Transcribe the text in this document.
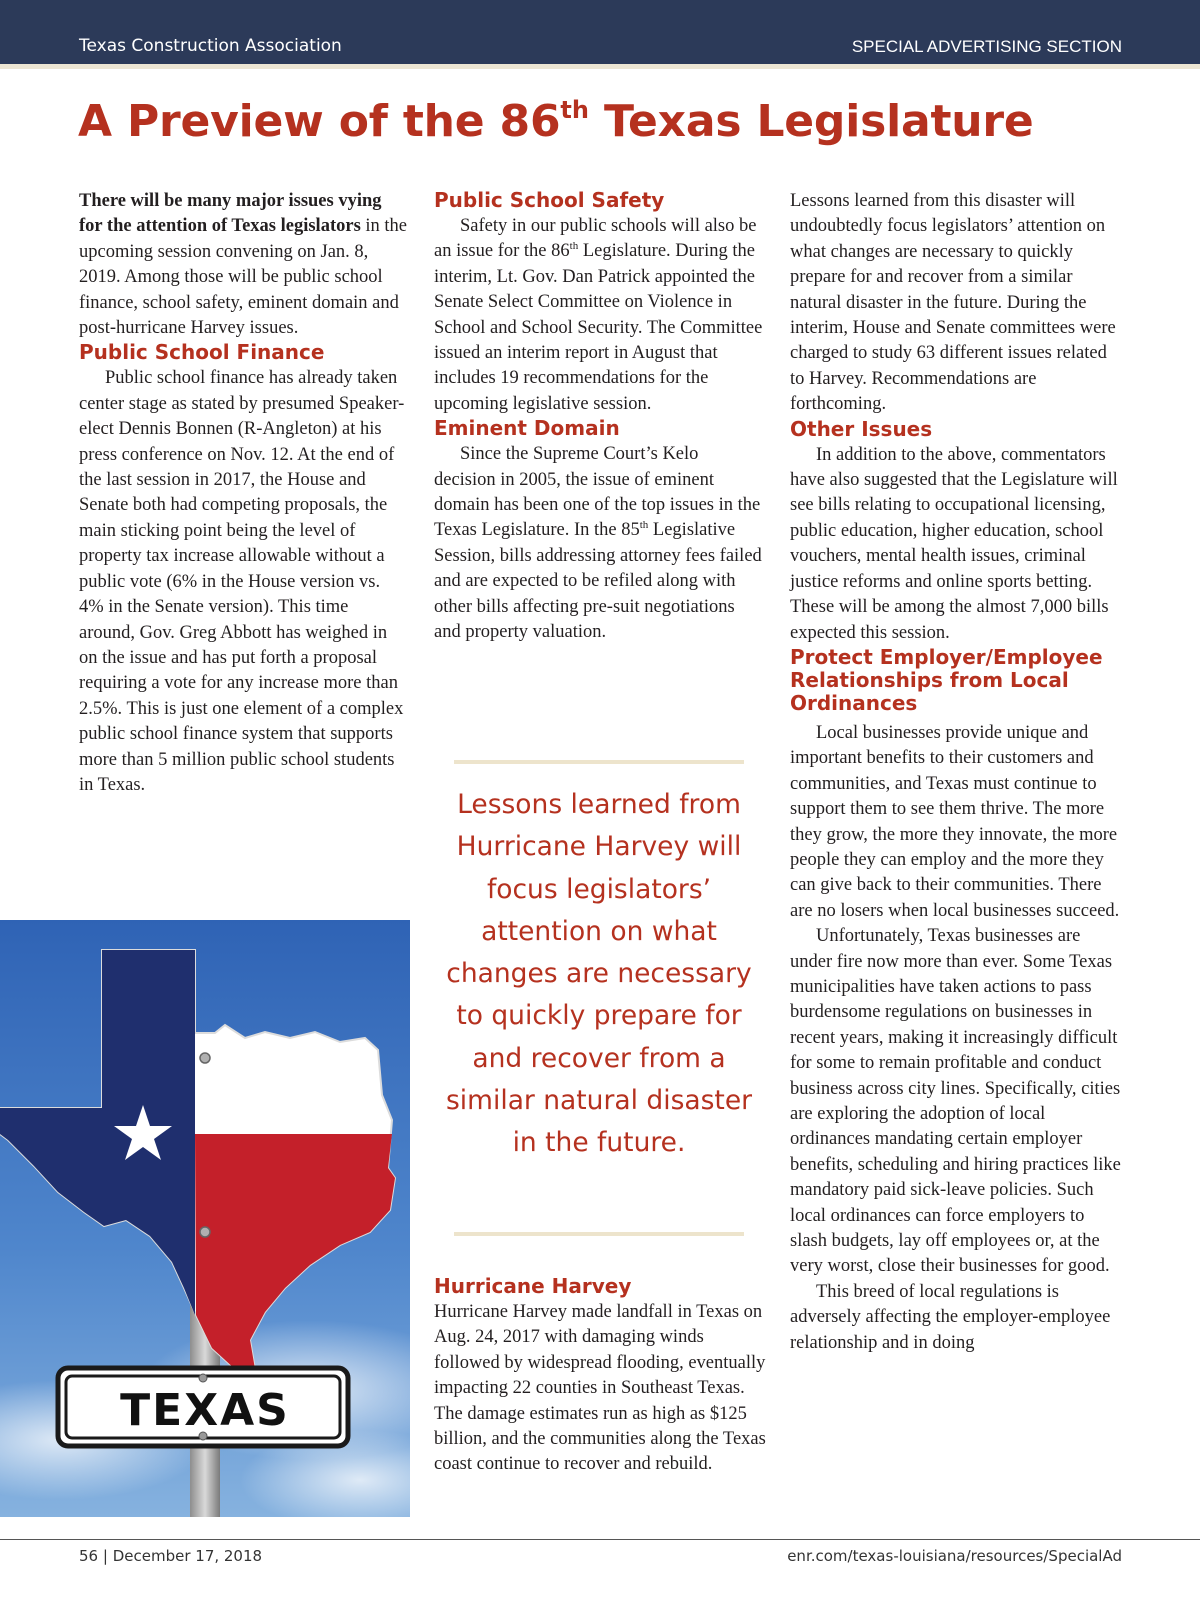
Texas Construction Association	SPECIAL ADVERTISING SECTION
A Preview of the 86th Texas Legislature

There will be many major issues vying for the attention of Texas legislators in the upcoming session convening on Jan. 8, 2019. Among those will be public school finance, school safety, eminent domain and post-hurricane Harvey issues.

Public School Finance

Public school finance has already taken center stage as stated by presumed Speaker-elect Dennis Bonnen (R-Angleton) at his press conference on Nov. 12. At the end of the last session in 2017, the House and Senate both had competing proposals, the main sticking point being the level of property tax increase allowable without a public vote (6% in the House version vs. 4% in the Senate version). This time around, Gov. Greg Abbott has weighed in on the issue and has put forth a proposal requiring a vote for any increase more than 2.5%. This is just one element of a complex public school finance system that supports more than 5 million public school students in Texas.

Public School Safety

Safety in our public schools will also be an issue for the 86th Legislature. During the interim, Lt. Gov. Dan Patrick appointed the Senate Select Committee on Violence in School and School Security. The Committee issued an interim report in August that includes 19 recommendations for the upcoming legislative session.

Eminent Domain

Since the Supreme Court’s Kelo decision in 2005, the issue of eminent domain has been one of the top issues in the Texas Legislature. In the 85th Legislative Session, bills addressing attorney fees failed and are expected to be refiled along with other bills affecting pre-suit negotiations and property valuation.

Lessons learned from Hurricane Harvey will focus legislators’ attention on what changes are necessary to quickly prepare for and recover from a similar natural disaster in the future.
Hurricane Harvey

Hurricane Harvey made landfall in Texas on Aug. 24, 2017 with damaging winds followed by widespread flooding, eventually impacting 22 counties in Southeast Texas. The damage estimates run as high as $125 billion, and the communities along the Texas coast continue to recover and rebuild.

Lessons learned from this disaster will undoubtedly focus legislators’ attention on what changes are necessary to quickly prepare for and recover from a similar natural disaster in the future. During the interim, House and Senate committees were charged to study 63 different issues related to Harvey. Recommendations are forthcoming.

Other Issues

In addition to the above, commentators have also suggested that the Legislature will see bills relating to occupational licensing, public education, higher education, school vouchers, mental health issues, criminal justice reforms and online sports betting. These will be among the almost 7,000 bills expected this session.

Protect Employer/Employee Relationships from Local Ordinances

Local businesses provide unique and important benefits to their customers and communities, and Texas must continue to support them to see them thrive. The more they grow, the more they innovate, the more people they can employ and the more they can give back to their communities. There are no losers when local businesses succeed.

Unfortunately, Texas businesses are under fire now more than ever. Some Texas municipalities have taken actions to pass burdensome regulations on businesses in recent years, making it increasingly difficult for some to remain profitable and conduct business across city lines. Specifically, cities are exploring the adoption of local ordinances mandating certain employer benefits, scheduling and hiring practices like mandatory paid sick-leave policies. Such local ordinances can force employers to slash budgets, lay off employees or, at the very worst, close their businesses for good.

This breed of local regulations is adversely affecting the employer-employee relationship and in doing

TEXAS
56 | December 17, 2018	enr.com/texas-louisiana/resources/SpecialAd
